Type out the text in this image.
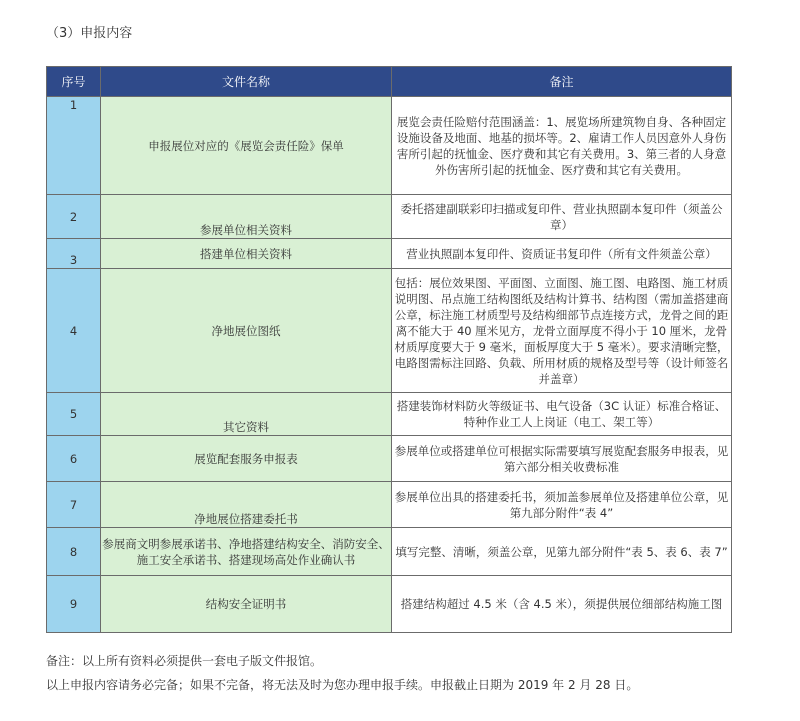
（3）申报内容
序号	文件名称	备注
1	申报展位对应的《展览会责任险》保单	展览会责任险赔付范围涵盖：1、展览场所建筑物自身、各种固定设施设备及地面、地基的损坏等。2、雇请工作人员因意外人身伤害所引起的抚恤金、医疗费和其它有关费用。3、第三者的人身意外伤害所引起的抚恤金、医疗费和其它有关费用。
2	参展单位相关资料	委托搭建副联彩印扫描或复印件、营业执照副本复印件（须盖公章）
3	搭建单位相关资料	营业执照副本复印件、资质证书复印件（所有文件须盖公章）
4	净地展位图纸	包括：展位效果图、平面图、立面图、施工图、电路图、施工材质说明图、吊点施工结构图纸及结构计算书、结构图（需加盖搭建商公章，标注施工材质型号及结构细部节点连接方式，龙骨之间的距离不能大于 40 厘米见方，龙骨立面厚度不得小于 10 厘米，龙骨材质厚度要大于 9 毫米，面板厚度大于 5 毫米）。要求清晰完整，电路图需标注回路、负载、所用材质的规格及型号等（设计师签名并盖章）
5	其它资料	搭建装饰材料防火等级证书、电气设备（3C 认证）标准合格证、特种作业工人上岗证（电工、架工等）
6	展览配套服务申报表	参展单位或搭建单位可根据实际需要填写展览配套服务申报表，见第六部分相关收费标准
7	净地展位搭建委托书	参展单位出具的搭建委托书，须加盖参展单位及搭建单位公章，见第九部分附件“表 4”
8	参展商文明参展承诺书、净地搭建结构安全、消防安全、施工安全承诺书、搭建现场高处作业确认书	填写完整、清晰，须盖公章，见第九部分附件“表 5、表 6、表 7”
9	结构安全证明书	搭建结构超过 4.5 米（含 4.5 米），须提供展位细部结构施工图
备注：以上所有资料必须提供一套电子版文件报馆。
以上申报内容请务必完备；如果不完备，将无法及时为您办理申报手续。申报截止日期为 2019 年 2 月 28 日。
